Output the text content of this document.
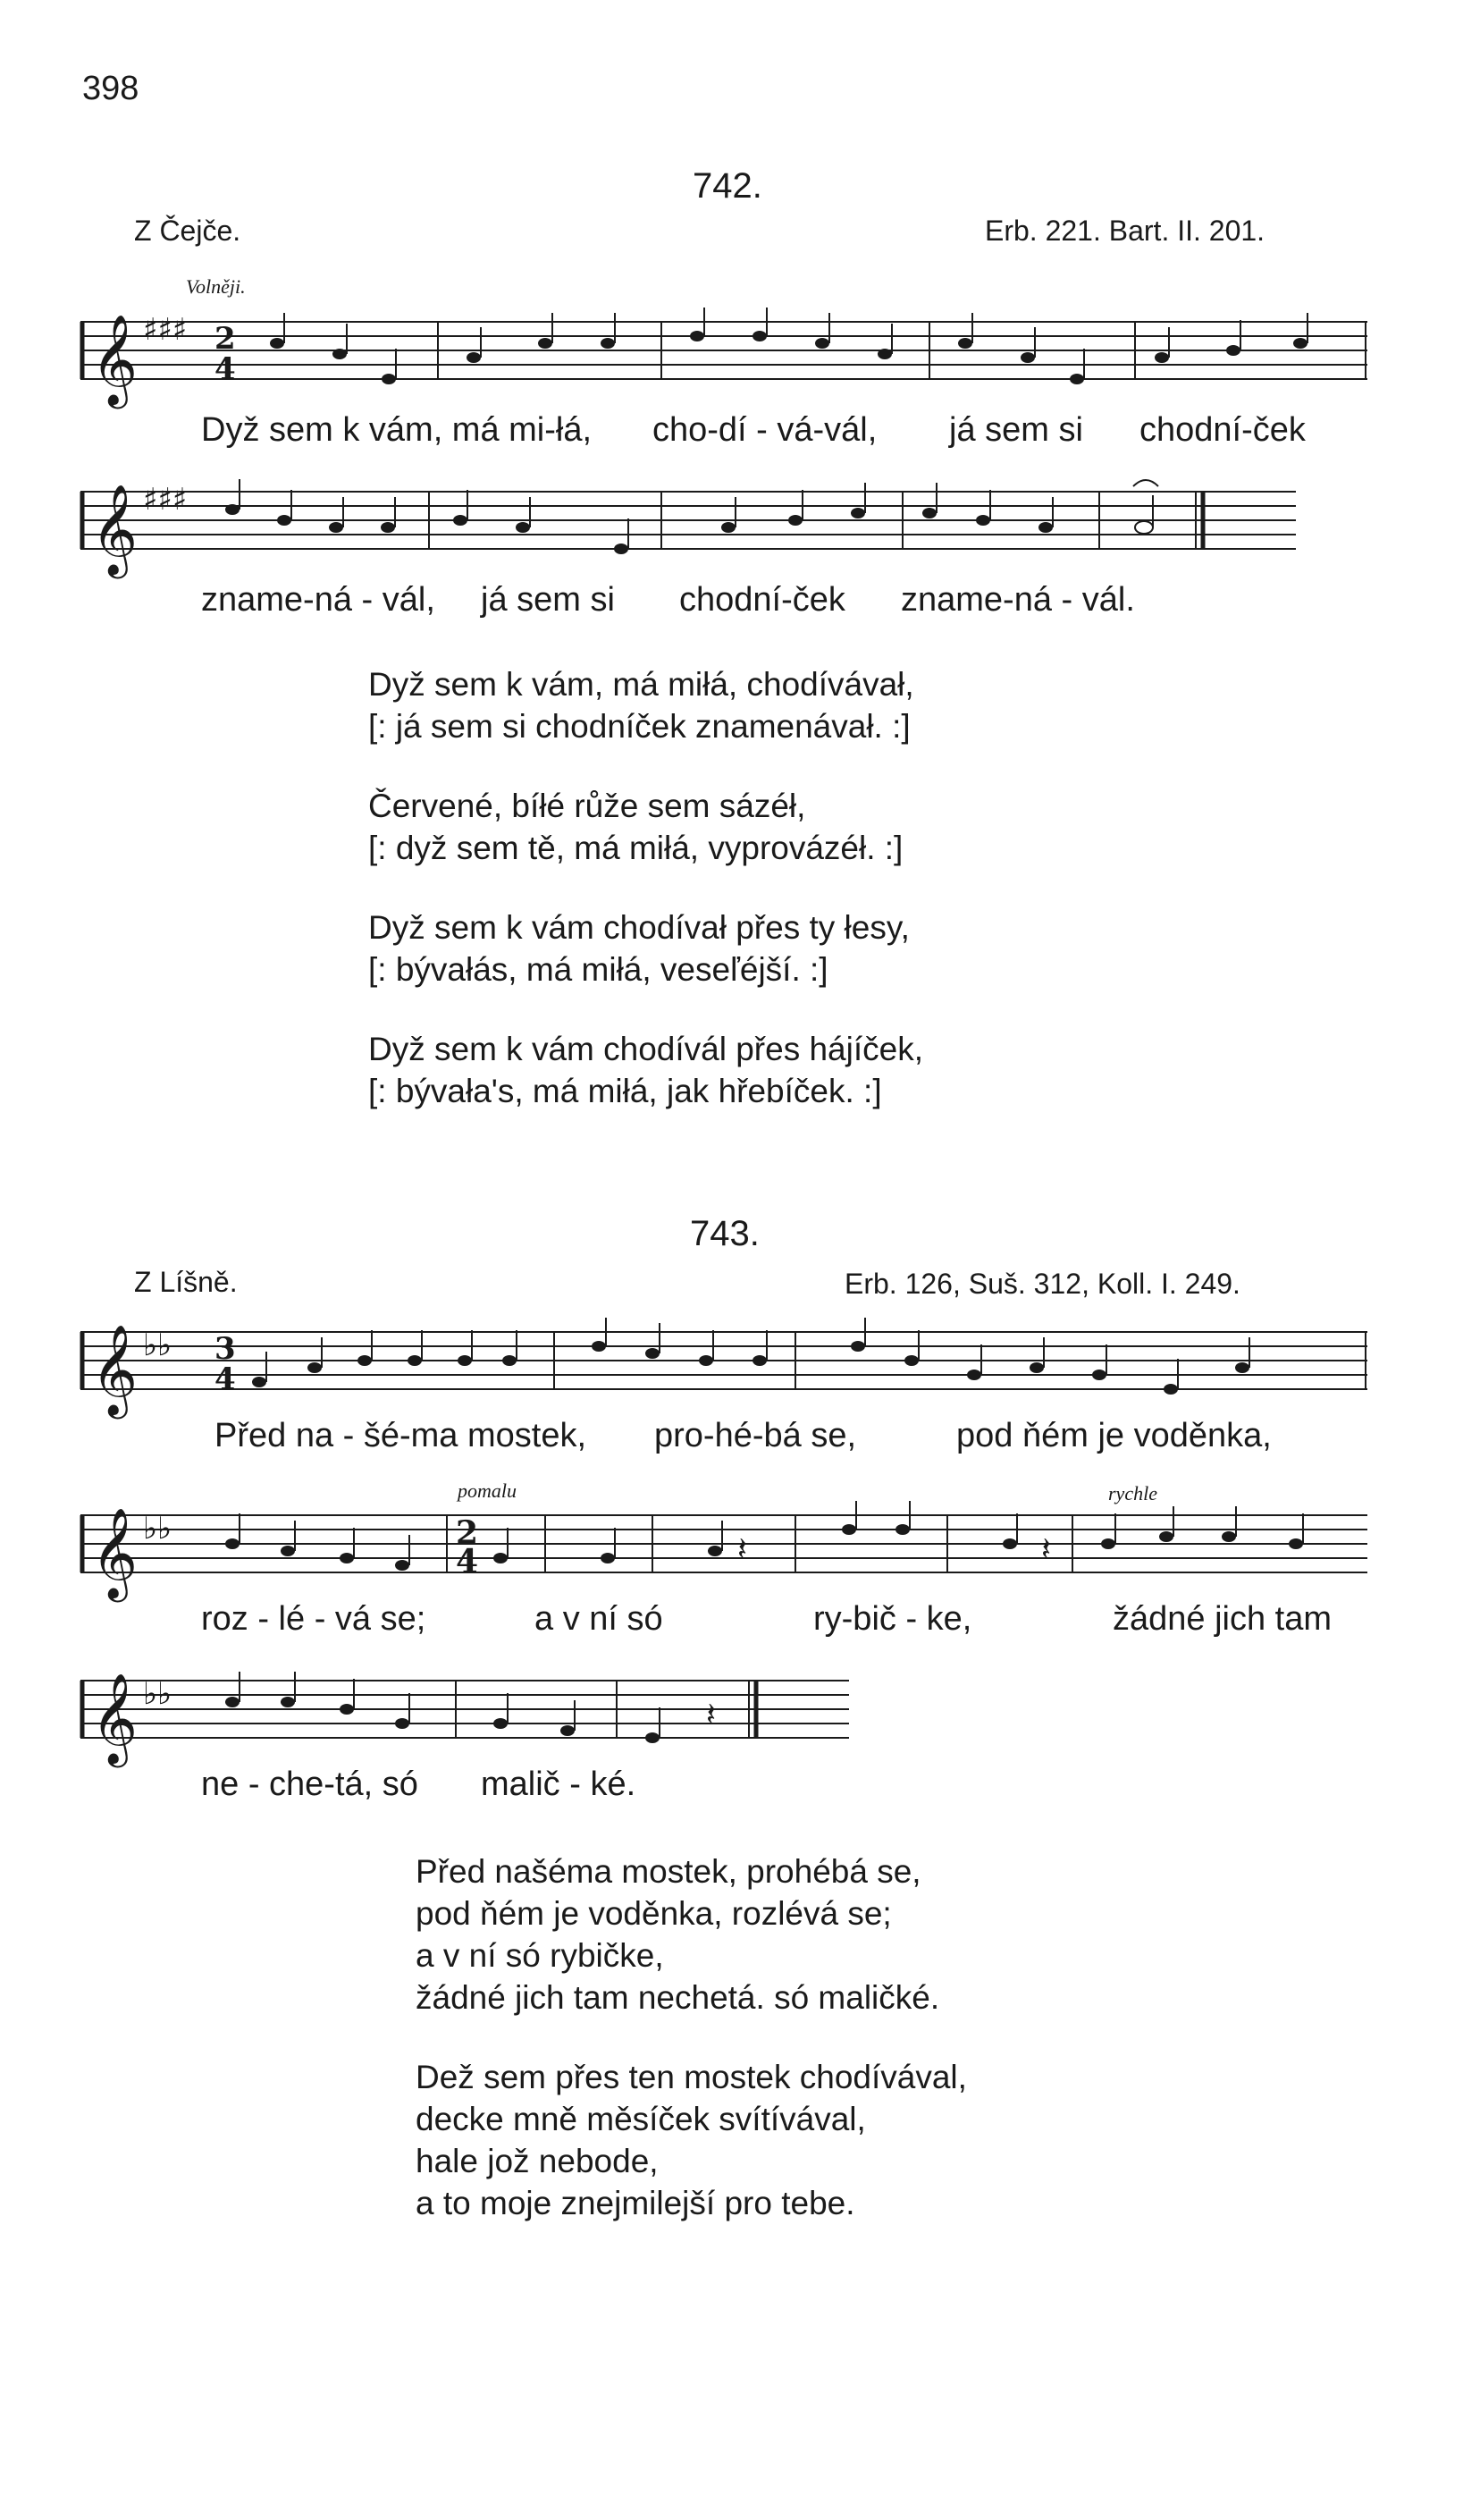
398
742.
Z Čejče.	Erb. 221. Bart. II. 201.
Volněji.
𝄞 ♯♯♯ 2
4
Dyž sem k vám, má mi-łá, cho-dí - vá-vál, já sem si chodní-ček
𝄞 ♯♯♯
zname-ná - vál, já sem si chodní-ček zname-ná - vál.

Dyž sem k vám, má miłá, chodívávał,

[: já sem si chodníček znamenávał. :]

Červené, bíłé růže sem sázéł,

[: dyž sem tě, má miłá, vyprovázéł. :]

Dyž sem k vám chodívał přes ty łesy,

[: bývałás, má miłá, veseľéjší. :]

Dyž sem k vám chodívál přes hájíček,

[: bývała's, má miłá, jak hřebíček. :]

743.
Z Líšně.	Erb. 126, Suš. 312, Koll. I. 249.
𝄞 ♭♭ 3
4
Před na - šé-ma mostek, pro-hé-bá se,	pod ňém je voděnka,
pomalu	rychle
𝄞 ♭♭	2
4	𝄽	𝄽
roz - lé - vá se;	a v ní só	ry-bič - ke,	žádné jich tam
𝄞 ♭♭
𝄽
ne - che-tá, só malič - ké.

Před našéma mostek, prohébá se,

pod ňém je voděnka, rozlévá se;

a v ní só rybičke,

žádné jich tam nechetá. só maličké.

Dež sem přes ten mostek chodívával,

decke mně měsíček svítívával,

hale jož nebode,

a to moje znejmilejší pro tebe.
